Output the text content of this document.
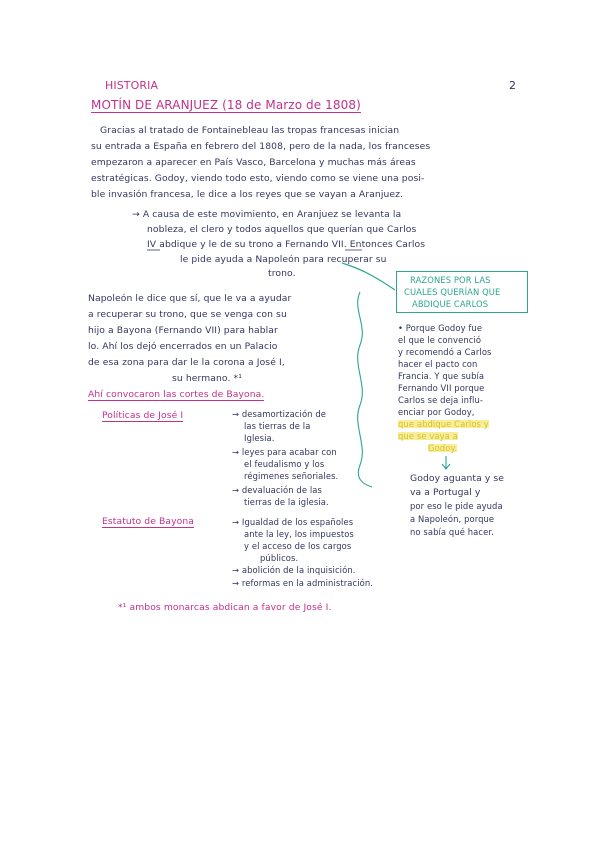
HISTORIA	2
MOTÍN DE ARANJUEZ (18 de Marzo de 1808)
Gracias al tratado de Fontainebleau las tropas francesas inician
su entrada a España en febrero del 1808, pero de la nada, los franceses
empezaron a aparecer en País Vasco, Barcelona y muchas más áreas
estratégicas. Godoy, viendo todo esto, viendo como se viene una posi-
ble invasión francesa, le dice a los reyes que se vayan a Aranjuez.
→ A causa de este movimiento, en Aranjuez se levanta la
nobleza, el clero y todos aquellos que querían que Carlos
IV abdique y le de su trono a Fernando VII. Entonces Carlos
le pide ayuda a Napoleón para recuperar su
trono.
Napoleón le dice que sí, que le va a ayudar
a recuperar su trono, que se venga con su
hijo a Bayona (Fernando VII) para hablar
lo. Ahí los dejó encerrados en un Palacio
de esa zona para dar le la corona a José I,
su hermano. *¹
Ahí convocaron las cortes de Bayona.
Políticas de José I	→ desamortización de
las tierras de la
Iglesia.
→ leyes para acabar con
el feudalismo y los
régimenes señoriales.
→ devaluación de las
tierras de la iglesia.
Estatuto de Bayona	→ Igualdad de los españoles
ante la ley, los impuestos
y el acceso de los cargos
públicos.
→ abolición de la inquisición.
→ reformas en la administración.
*¹ ambos monarcas abdican a favor de José I.
RAZONES POR LAS
CUALES QUERÍAN QUE
ABDIQUE CARLOS
• Porque Godoy fue
el que le convenció
y recomendó a Carlos
hacer el pacto con
Francia. Y que subía
Fernando VII porque
Carlos se deja influ-
enciar por Godoy,
que abdique Carlos y
que se vaya a
Godoy.
Godoy aguanta y se
va a Portugal y
por eso le pide ayuda
a Napoleón, porque
no sabía qué hacer.
